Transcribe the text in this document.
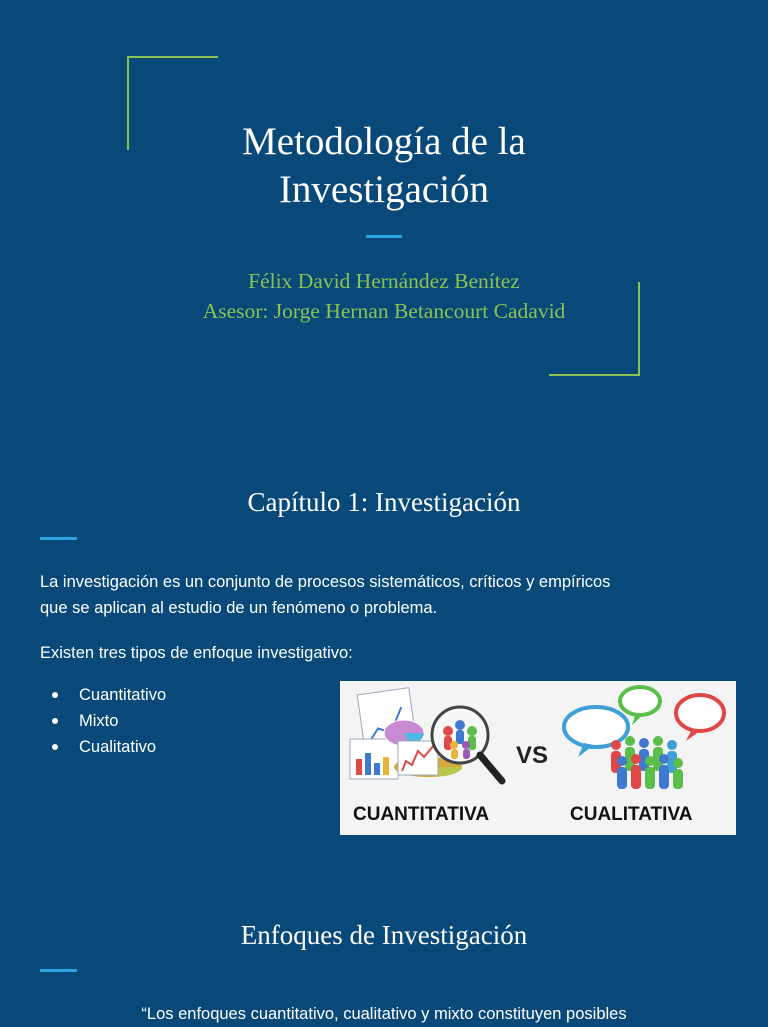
Metodología de la
Investigación
Félix David Hernández Benítez
Asesor: Jorge Hernan Betancourt Cadavid
Capítulo 1: Investigación
La investigación es un conjunto de procesos sistemáticos, críticos y empíricos
que se aplican al estudio de un fenómeno o problema.
Existen tres tipos de enfoque investigativo:
Cuantitativo
Mixto
Cualitativo	VS
CUANTITATIVA	CUALITATIVA
Enfoques de Investigación
“Los enfoques cuantitativo, cualitativo y mixto constituyen posibles
